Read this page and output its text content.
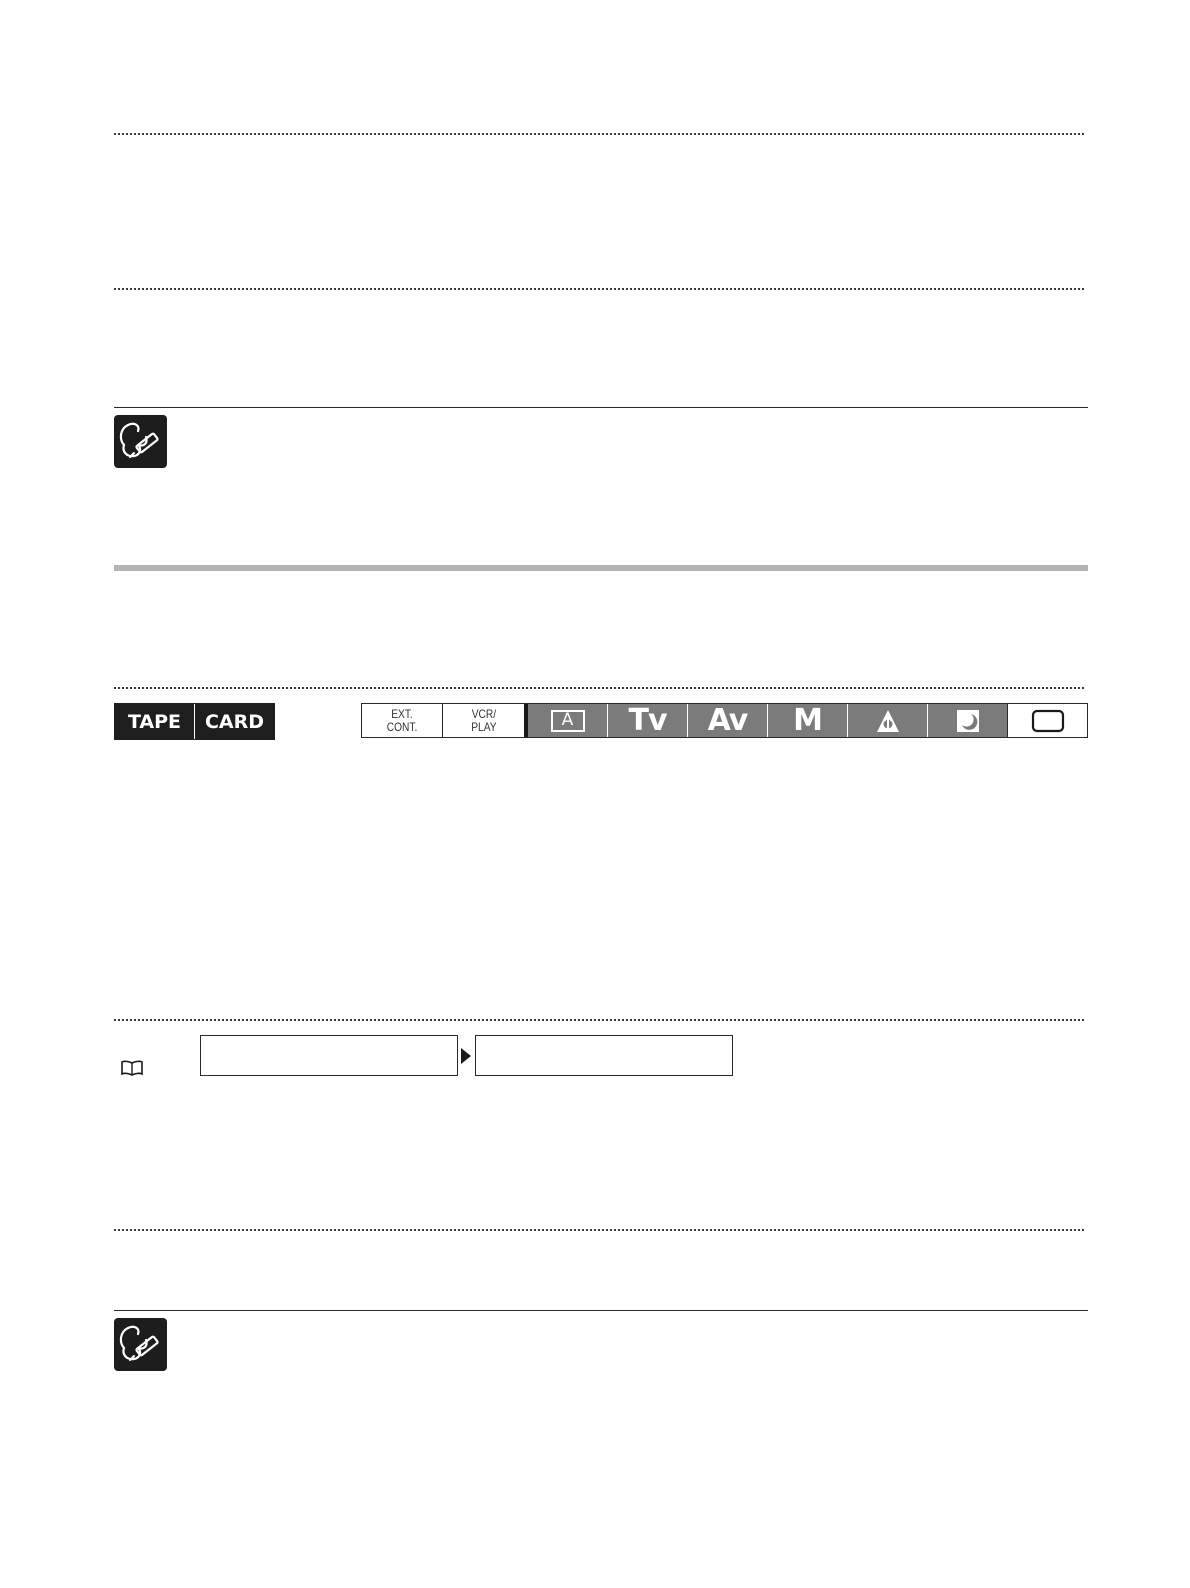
TAPE	CARD	EXT.
CONT.
VCR/
PLAY	A Tv Av M
